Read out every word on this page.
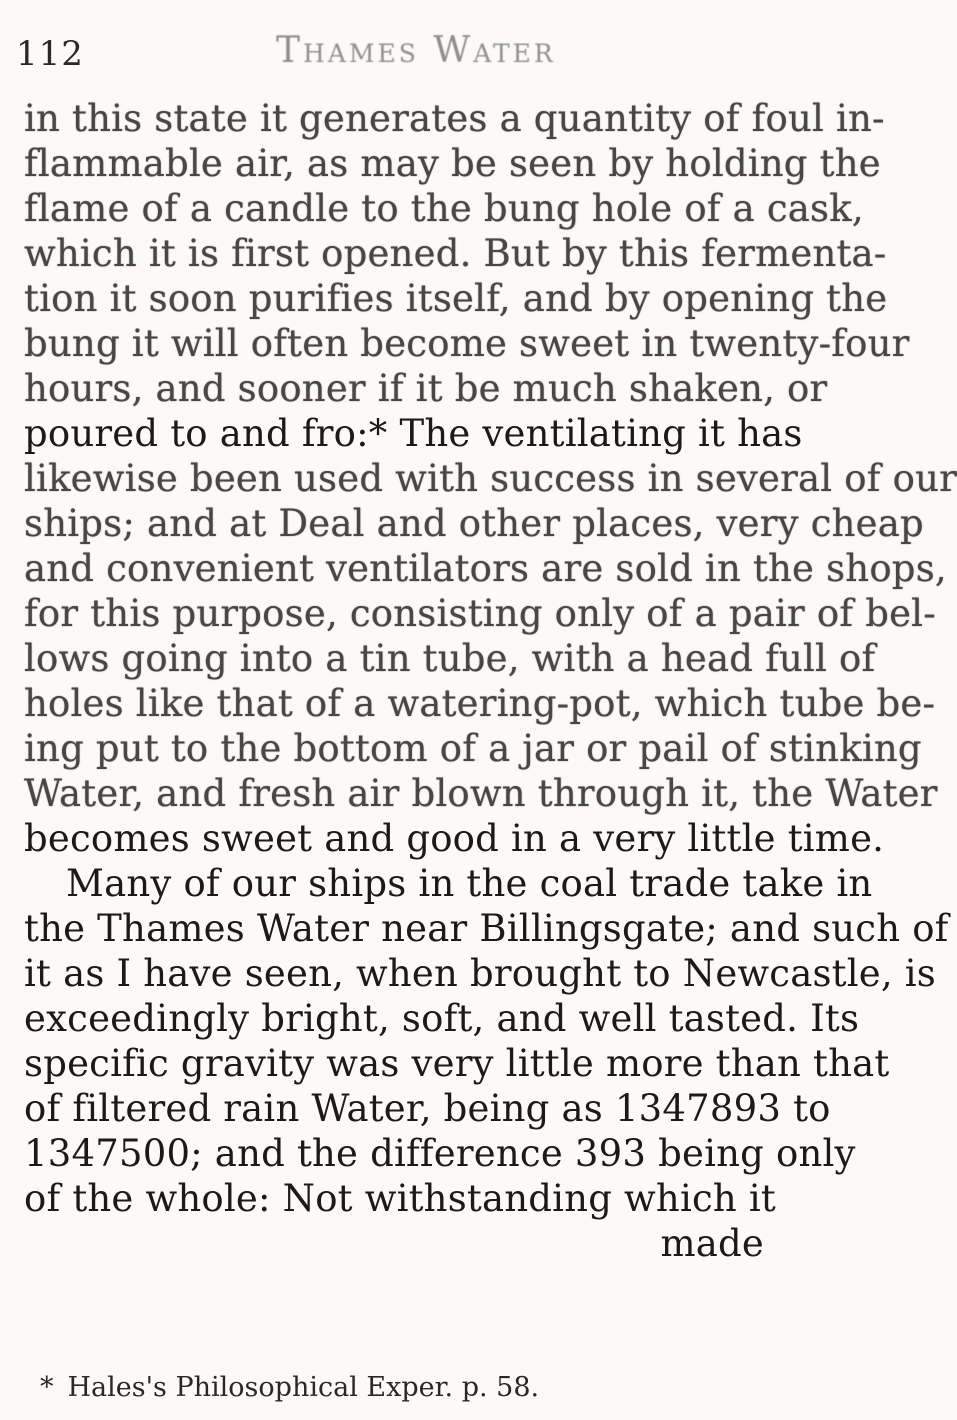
112	Thames Water
in this state it generates a quantity of foul in-
flammable air, as may be seen by holding the
flame of a candle to the bung hole of a cask,
which it is first opened. But by this fermenta-
tion it soon purifies itself, and by opening the
bung it will often become sweet in twenty-four
hours, and sooner if it be much shaken, or
poured to and fro:* The ventilating it has
likewise been used with success in several of our
ships; and at Deal and other places, very cheap
and convenient ventilators are sold in the shops,
for this purpose, consisting only of a pair of bel-
lows going into a tin tube, with a head full of
holes like that of a watering-pot, which tube be-
ing put to the bottom of a jar or pail of stinking
Water, and fresh air blown through it, the Water
becomes sweet and good in a very little time.
Many of our ships in the coal trade take in
the Thames Water near Billingsgate; and such of
it as I have seen, when brought to Newcastle, is
exceedingly bright, soft, and well tasted. Its
specific gravity was very little more than that
of filtered rain Water, being as 1347893 to
1347500; and the difference 393 being only
of the whole: Not withstanding which it
made
* Hales's Philosophical Exper. p. 58.
